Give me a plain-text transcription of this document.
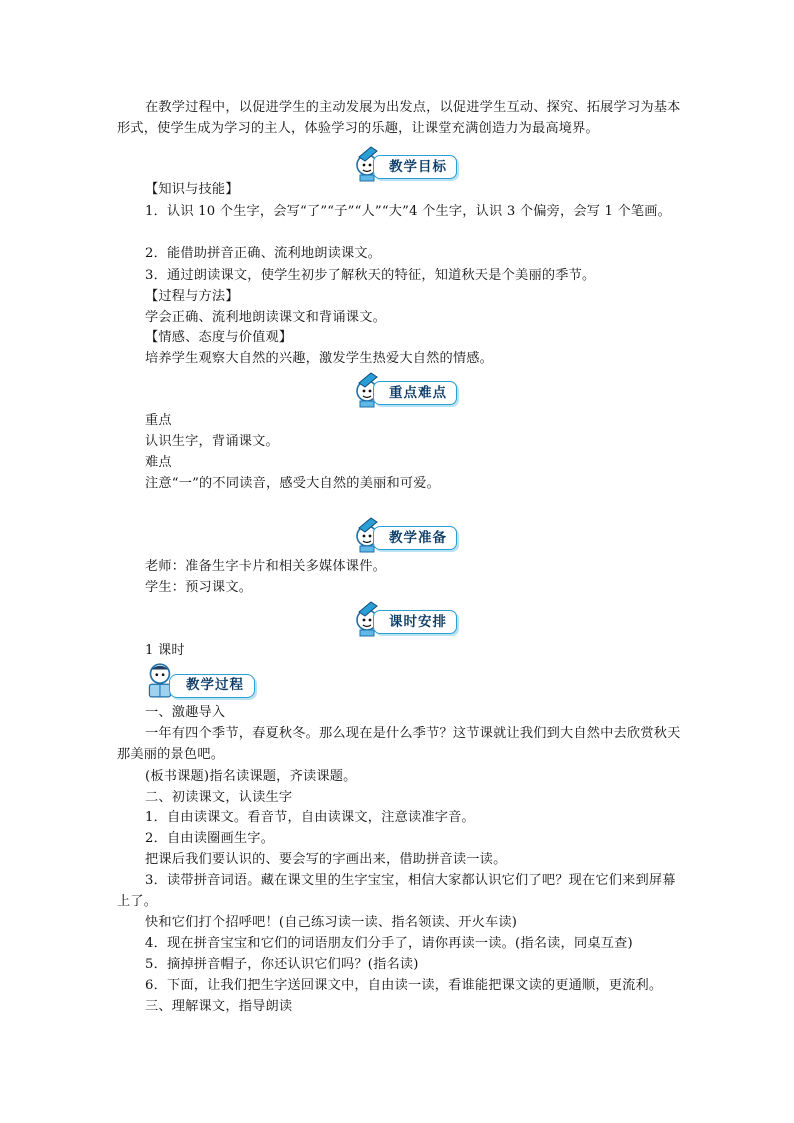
在教学过程中，以促进学生的主动发展为出发点，以促进学生互动、探究、拓展学习为基本形式，使学生成为学习的主人，体验学习的乐趣，让课堂充满创造力为最高境界。
教学目标
【知识与技能】
1．认识 10 个生字，会写“了”“子”“人”“大”4 个生字，认识 3 个偏旁，会写 1 个笔画。
2．能借助拼音正确、流利地朗读课文。
3．通过朗读课文，使学生初步了解秋天的特征，知道秋天是个美丽的季节。
【过程与方法】
学会正确、流利地朗读课文和背诵课文。
【情感、态度与价值观】
培养学生观察大自然的兴趣，激发学生热爱大自然的情感。
重点难点
重点
认识生字，背诵课文。
难点
注意“一”的不同读音，感受大自然的美丽和可爱。
教学准备
老师：准备生字卡片和相关多媒体课件。
学生：预习课文。
课时安排
1 课时
教学过程
一、激趣导入
一年有四个季节，春夏秋冬。那么现在是什么季节？这节课就让我们到大自然中去欣赏秋天那美丽的景色吧。
(板书课题)指名读课题，齐读课题。
二、初读课文，认读生字
1．自由读课文。看音节，自由读课文，注意读准字音。
2．自由读圈画生字。
把课后我们要认识的、要会写的字画出来，借助拼音读一读。
3．读带拼音词语。藏在课文里的生字宝宝，相信大家都认识它们了吧？现在它们来到屏幕上了。
快和它们打个招呼吧！(自己练习读一读、指名领读、开火车读)
4．现在拼音宝宝和它们的词语朋友们分手了，请你再读一读。(指名读，同桌互查)
5．摘掉拼音帽子，你还认识它们吗？(指名读)
6．下面，让我们把生字送回课文中，自由读一读，看谁能把课文读的更通顺，更流利。
三、理解课文，指导朗读
